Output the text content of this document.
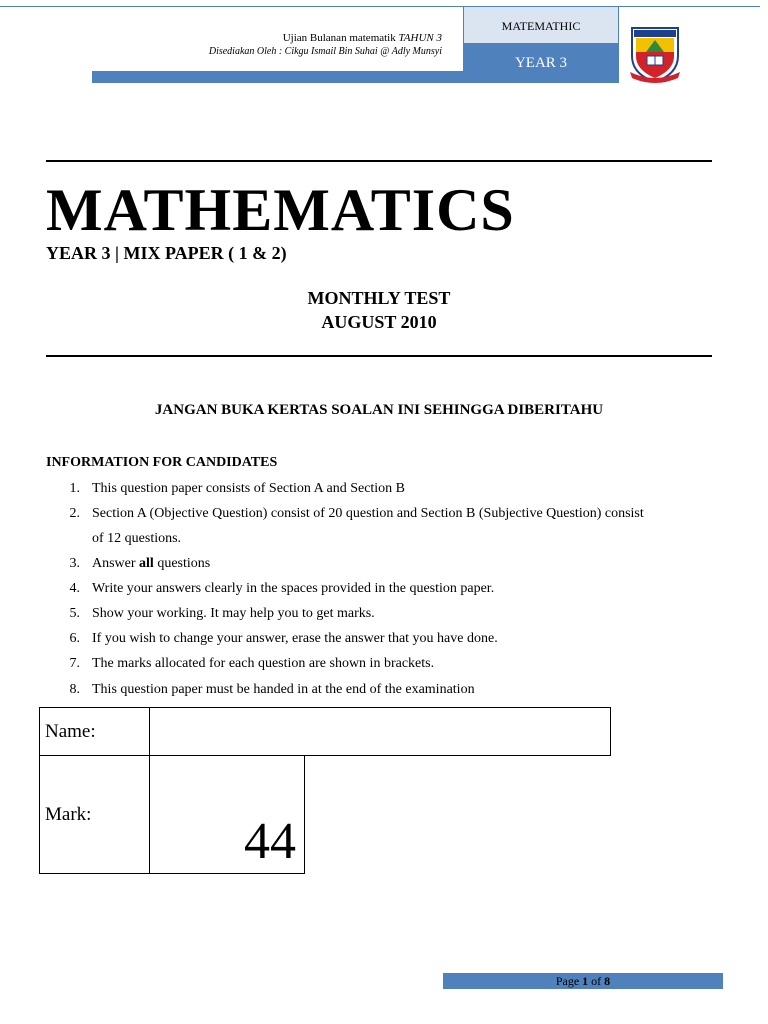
Ujian Bulanan matematik TAHUN 3
Disediakan Oleh : Cikgu Ismail Bin Suhai @ Adly Munsyi
MATEMATHIC
YEAR 3
MATHEMATICS
YEAR 3 | MIX PAPER ( 1 & 2)
MONTHLY TEST
AUGUST 2010
JANGAN BUKA KERTAS SOALAN INI SEHINGGA DIBERITAHU
INFORMATION FOR CANDIDATES
1. This question paper consists of Section A and Section B
2. Section A (Objective Question) consist of 20 question and Section B (Subjective Question) consist
of 12 questions.
3. Answer all questions
4. Write your answers clearly in the spaces provided in the question paper.
5. Show your working. It may help you to get marks.
6. If you wish to change your answer, erase the answer that you have done.
7. The marks allocated for each question are shown in brackets.
8. This question paper must be handed in at the end of the examination
Name:
Mark:	44
Page 1 of 8
